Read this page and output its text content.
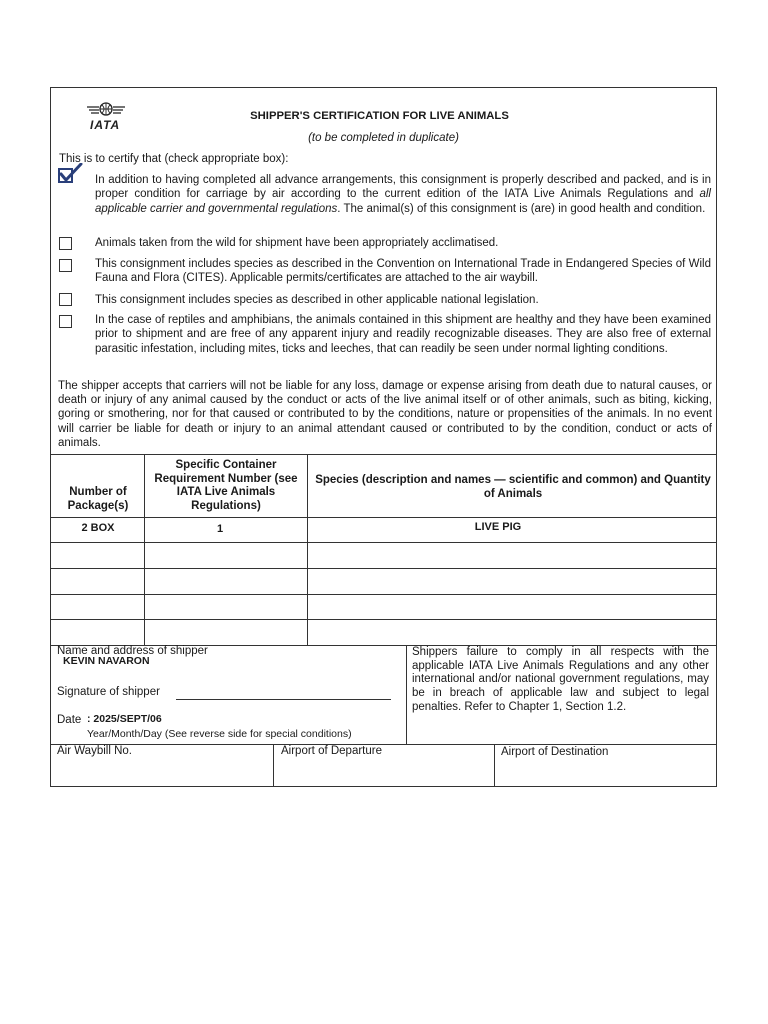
IATA
SHIPPER'S CERTIFICATION FOR LIVE ANIMALS
(to be completed in duplicate)
This is to certify that (check appropriate box):
In addition to having completed all advance arrangements, this consignment is properly described and packed, and is in proper condition for carriage by air according to the current edition of the IATA Live Animals Regulations and all applicable carrier and governmental regulations. The animal(s) of this consignment is (are) in good health and condition.
Animals taken from the wild for shipment have been appropriately acclimatised.
This consignment includes species as described in the Convention on International Trade in Endangered Species of Wild Fauna and Flora (CITES). Applicable permits/certificates are attached to the air waybill.
This consignment includes species as described in other applicable national legislation.
In the case of reptiles and amphibians, the animals contained in this shipment are healthy and they have been examined prior to shipment and are free of any apparent injury and readily recognizable diseases. They are also free of external parasitic infestation, including mites, ticks and leeches, that can readily be seen under normal lighting conditions.
The shipper accepts that carriers will not be liable for any loss, damage or expense arising from death due to natural causes, or death or injury of any animal caused by the conduct or acts of the live animal itself or of other animals, such as biting, kicking, goring or smothering, nor for that caused or contributed to by the conditions, nature or propensities of the animals. In no event will carrier be liable for death or injury to an animal attendant caused or contributed to by the condition, conduct or acts of animals.
Number of Package(s)
Specific Container Requirement Number (see IATA Live Animals Regulations)
Species (description and names — scientific and common) and Quantity of Animals
2 BOX	1	LIVE PIG
Name and address of shipper
KEVIN NAVARON
Signature of shipper
Date : 2025/SEPT/06
Year/Month/Day (See reverse side for special conditions)
Shippers failure to comply in all respects with the applicable IATA Live Animals Regulations and any other international and/or national government regulations, may be in breach of applicable law and subject to legal penalties. Refer to Chapter 1, Section 1.2.
Air Waybill No.	Airport of Departure	Airport of Destination
